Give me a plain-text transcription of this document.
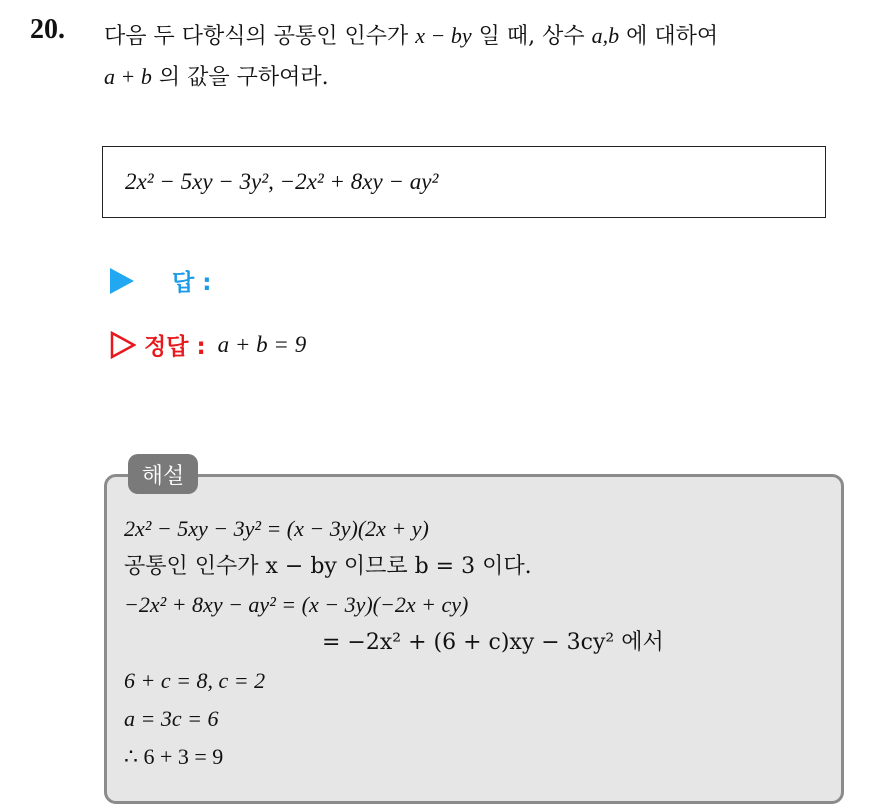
20. 다음 두 다항식의 공통인 인수가 x − by 일 때, 상수 a,b 에 대하여
a + b 의 값을 구하여라.
2x² − 5xy − 3y², −2x² + 8xy − ay²
답 :
정답 : a + b = 9
해설
2x² − 5xy − 3y² = (x − 3y)(2x + y)
공통인 인수가 x − by 이므로 b = 3 이다.
−2x² + 8xy − ay² = (x − 3y)(−2x + cy)
= −2x² + (6 + c)xy − 3cy² 에서
6 + c = 8, c = 2
a = 3c = 6
∴ 6 + 3 = 9
